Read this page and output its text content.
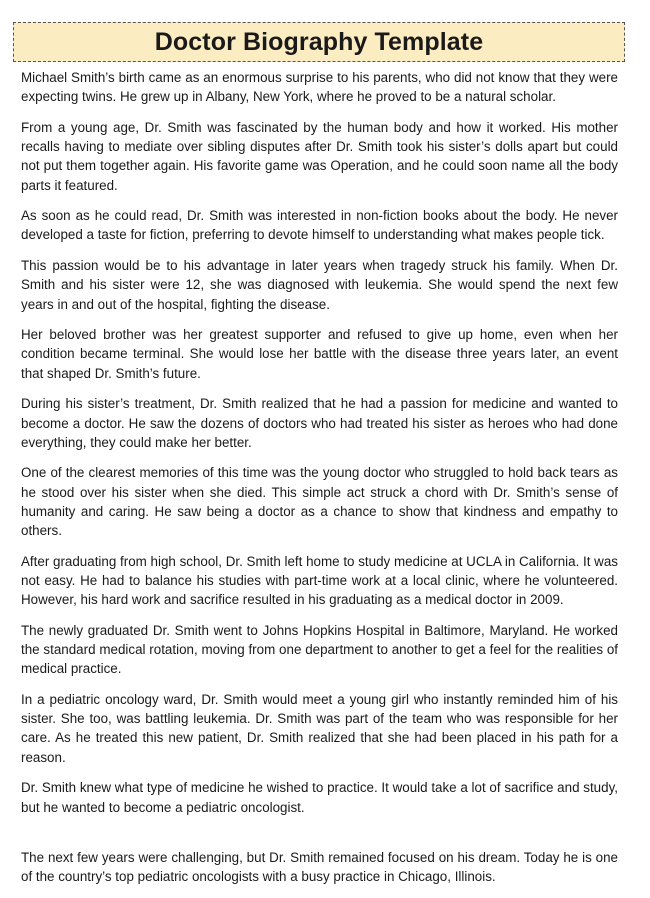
Doctor Biography Template

Michael Smith’s birth came as an enormous surprise to his parents, who did not know that they were expecting twins. He grew up in Albany, New York, where he proved to be a natural scholar.

From a young age, Dr. Smith was fascinated by the human body and how it worked. His mother recalls having to mediate over sibling disputes after Dr. Smith took his sister’s dolls apart but could not put them together again. His favorite game was Operation, and he could soon name all the body parts it featured.

As soon as he could read, Dr. Smith was interested in non-fiction books about the body. He never developed a taste for fiction, preferring to devote himself to understanding what makes people tick.

This passion would be to his advantage in later years when tragedy struck his family. When Dr. Smith and his sister were 12, she was diagnosed with leukemia. She would spend the next few years in and out of the hospital, fighting the disease.

Her beloved brother was her greatest supporter and refused to give up home, even when her condition became terminal. She would lose her battle with the disease three years later, an event that shaped Dr. Smith’s future.

During his sister’s treatment, Dr. Smith realized that he had a passion for medicine and wanted to become a doctor. He saw the dozens of doctors who had treated his sister as heroes who had done everything, they could make her better.

One of the clearest memories of this time was the young doctor who struggled to hold back tears as he stood over his sister when she died. This simple act struck a chord with Dr. Smith’s sense of humanity and caring. He saw being a doctor as a chance to show that kindness and empathy to others.

After graduating from high school, Dr. Smith left home to study medicine at UCLA in California. It was not easy. He had to balance his studies with part-time work at a local clinic, where he volunteered. However, his hard work and sacrifice resulted in his graduating as a medical doctor in 2009.

The newly graduated Dr. Smith went to Johns Hopkins Hospital in Baltimore, Maryland. He worked the standard medical rotation, moving from one department to another to get a feel for the realities of medical practice.

In a pediatric oncology ward, Dr. Smith would meet a young girl who instantly reminded him of his sister. She too, was battling leukemia. Dr. Smith was part of the team who was responsible for her care. As he treated this new patient, Dr. Smith realized that she had been placed in his path for a reason.

Dr. Smith knew what type of medicine he wished to practice. It would take a lot of sacrifice and study, but he wanted to become a pediatric oncologist.

The next few years were challenging, but Dr. Smith remained focused on his dream. Today he is one of the country’s top pediatric oncologists with a busy practice in Chicago, Illinois.
